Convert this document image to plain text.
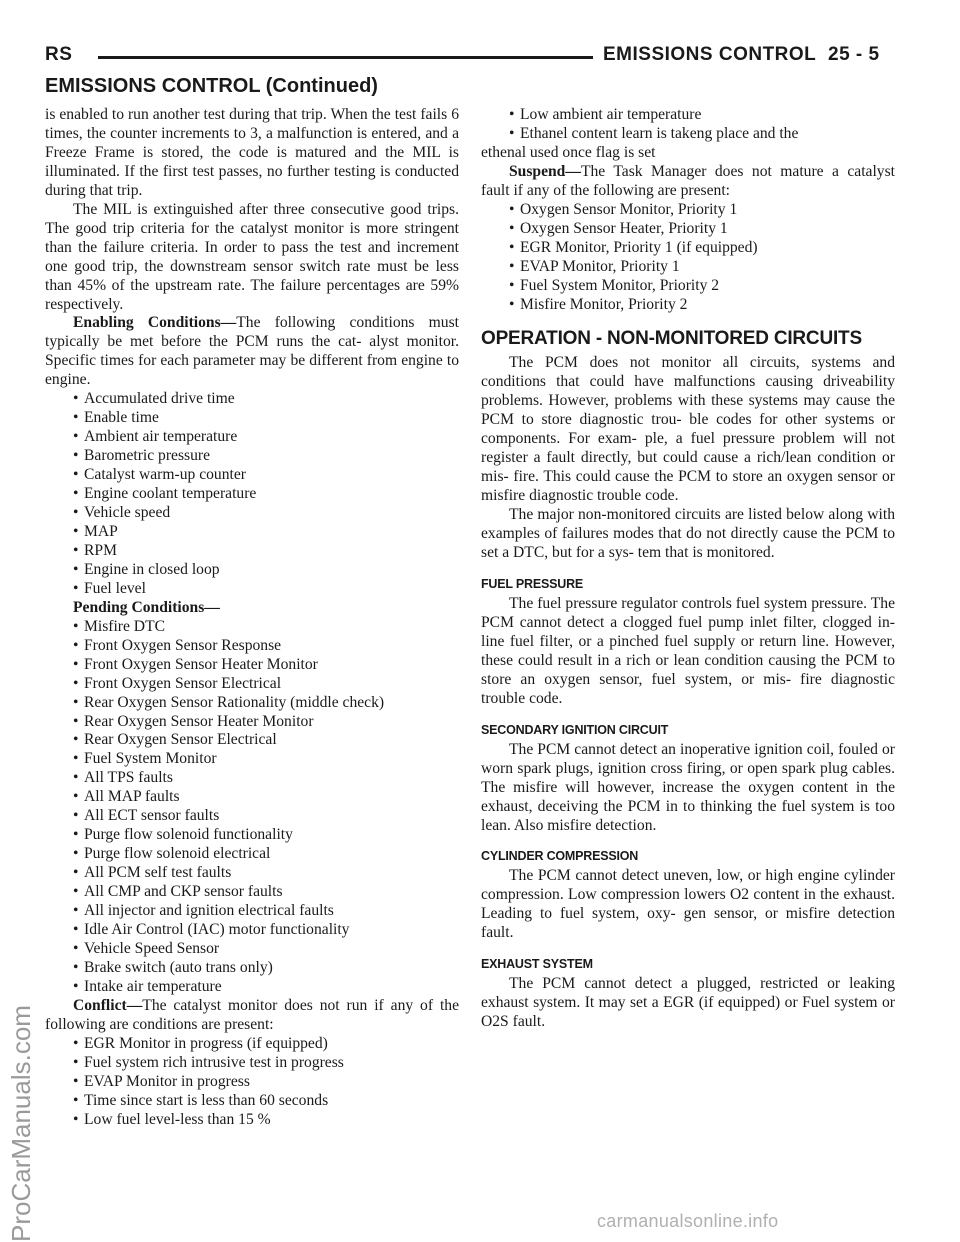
RS	EMISSIONS CONTROL 25 - 5
EMISSIONS CONTROL (Continued)

is enabled to run another test during that trip. When the test fails 6 times, the counter increments to 3, a malfunction is entered, and a Freeze Frame is stored, the code is matured and the MIL is illuminated. If the first test passes, no further testing is conducted during that trip.

The MIL is extinguished after three consecutive good trips. The good trip criteria for the catalyst monitor is more stringent than the failure criteria. In order to pass the test and increment one good trip, the downstream sensor switch rate must be less than 45% of the upstream rate. The failure percentages are 59% respectively.

Enabling Conditions—The following conditions must typically be met before the PCM runs the cat- alyst monitor. Specific times for each parameter may be different from engine to engine.

• Accumulated drive time
• Enable time
• Ambient air temperature
• Barometric pressure
• Catalyst warm-up counter
• Engine coolant temperature
• Vehicle speed
• MAP
• RPM
• Engine in closed loop
• Fuel level

Pending Conditions—

• Misfire DTC
• Front Oxygen Sensor Response
• Front Oxygen Sensor Heater Monitor
• Front Oxygen Sensor Electrical
• Rear Oxygen Sensor Rationality (middle check)
• Rear Oxygen Sensor Heater Monitor
• Rear Oxygen Sensor Electrical
• Fuel System Monitor
• All TPS faults
• All MAP faults
• All ECT sensor faults
• Purge flow solenoid functionality
• Purge flow solenoid electrical
• All PCM self test faults
• All CMP and CKP sensor faults
• All injector and ignition electrical faults
• Idle Air Control (IAC) motor functionality
• Vehicle Speed Sensor
• Brake switch (auto trans only)
• Intake air temperature

Conflict—The catalyst monitor does not run if any of the following are conditions are present:

• EGR Monitor in progress (if equipped)
• Fuel system rich intrusive test in progress
• EVAP Monitor in progress
• Time since start is less than 60 seconds
• Low fuel level-less than 15 %
• Low ambient air temperature
• Ethanel content learn is takeng place and the

ethenal used once flag is set

Suspend—The Task Manager does not mature a catalyst fault if any of the following are present:

• Oxygen Sensor Monitor, Priority 1
• Oxygen Sensor Heater, Priority 1
• EGR Monitor, Priority 1 (if equipped)
• EVAP Monitor, Priority 1
• Fuel System Monitor, Priority 2
• Misfire Monitor, Priority 2
OPERATION - NON-MONITORED CIRCUITS

The PCM does not monitor all circuits, systems and conditions that could have malfunctions causing driveability problems. However, problems with these systems may cause the PCM to store diagnostic trou- ble codes for other systems or components. For exam- ple, a fuel pressure problem will not register a fault directly, but could cause a rich/lean condition or mis- fire. This could cause the PCM to store an oxygen sensor or misfire diagnostic trouble code.

The major non-monitored circuits are listed below along with examples of failures modes that do not directly cause the PCM to set a DTC, but for a sys- tem that is monitored.

FUEL PRESSURE

The fuel pressure regulator controls fuel system pressure. The PCM cannot detect a clogged fuel pump inlet filter, clogged in-line fuel filter, or a pinched fuel supply or return line. However, these could result in a rich or lean condition causing the PCM to store an oxygen sensor, fuel system, or mis- fire diagnostic trouble code.

SECONDARY IGNITION CIRCUIT

The PCM cannot detect an inoperative ignition coil, fouled or worn spark plugs, ignition cross firing, or open spark plug cables. The misfire will however, increase the oxygen content in the exhaust, deceiving the PCM in to thinking the fuel system is too lean. Also misfire detection.

CYLINDER COMPRESSION

The PCM cannot detect uneven, low, or high engine cylinder compression. Low compression lowers O2 content in the exhaust. Leading to fuel system, oxy- gen sensor, or misfire detection fault.

EXHAUST SYSTEM

The PCM cannot detect a plugged, restricted or leaking exhaust system. It may set a EGR (if equipped) or Fuel system or O2S fault.

ProCarManuals.com	carmanualsonline.info
